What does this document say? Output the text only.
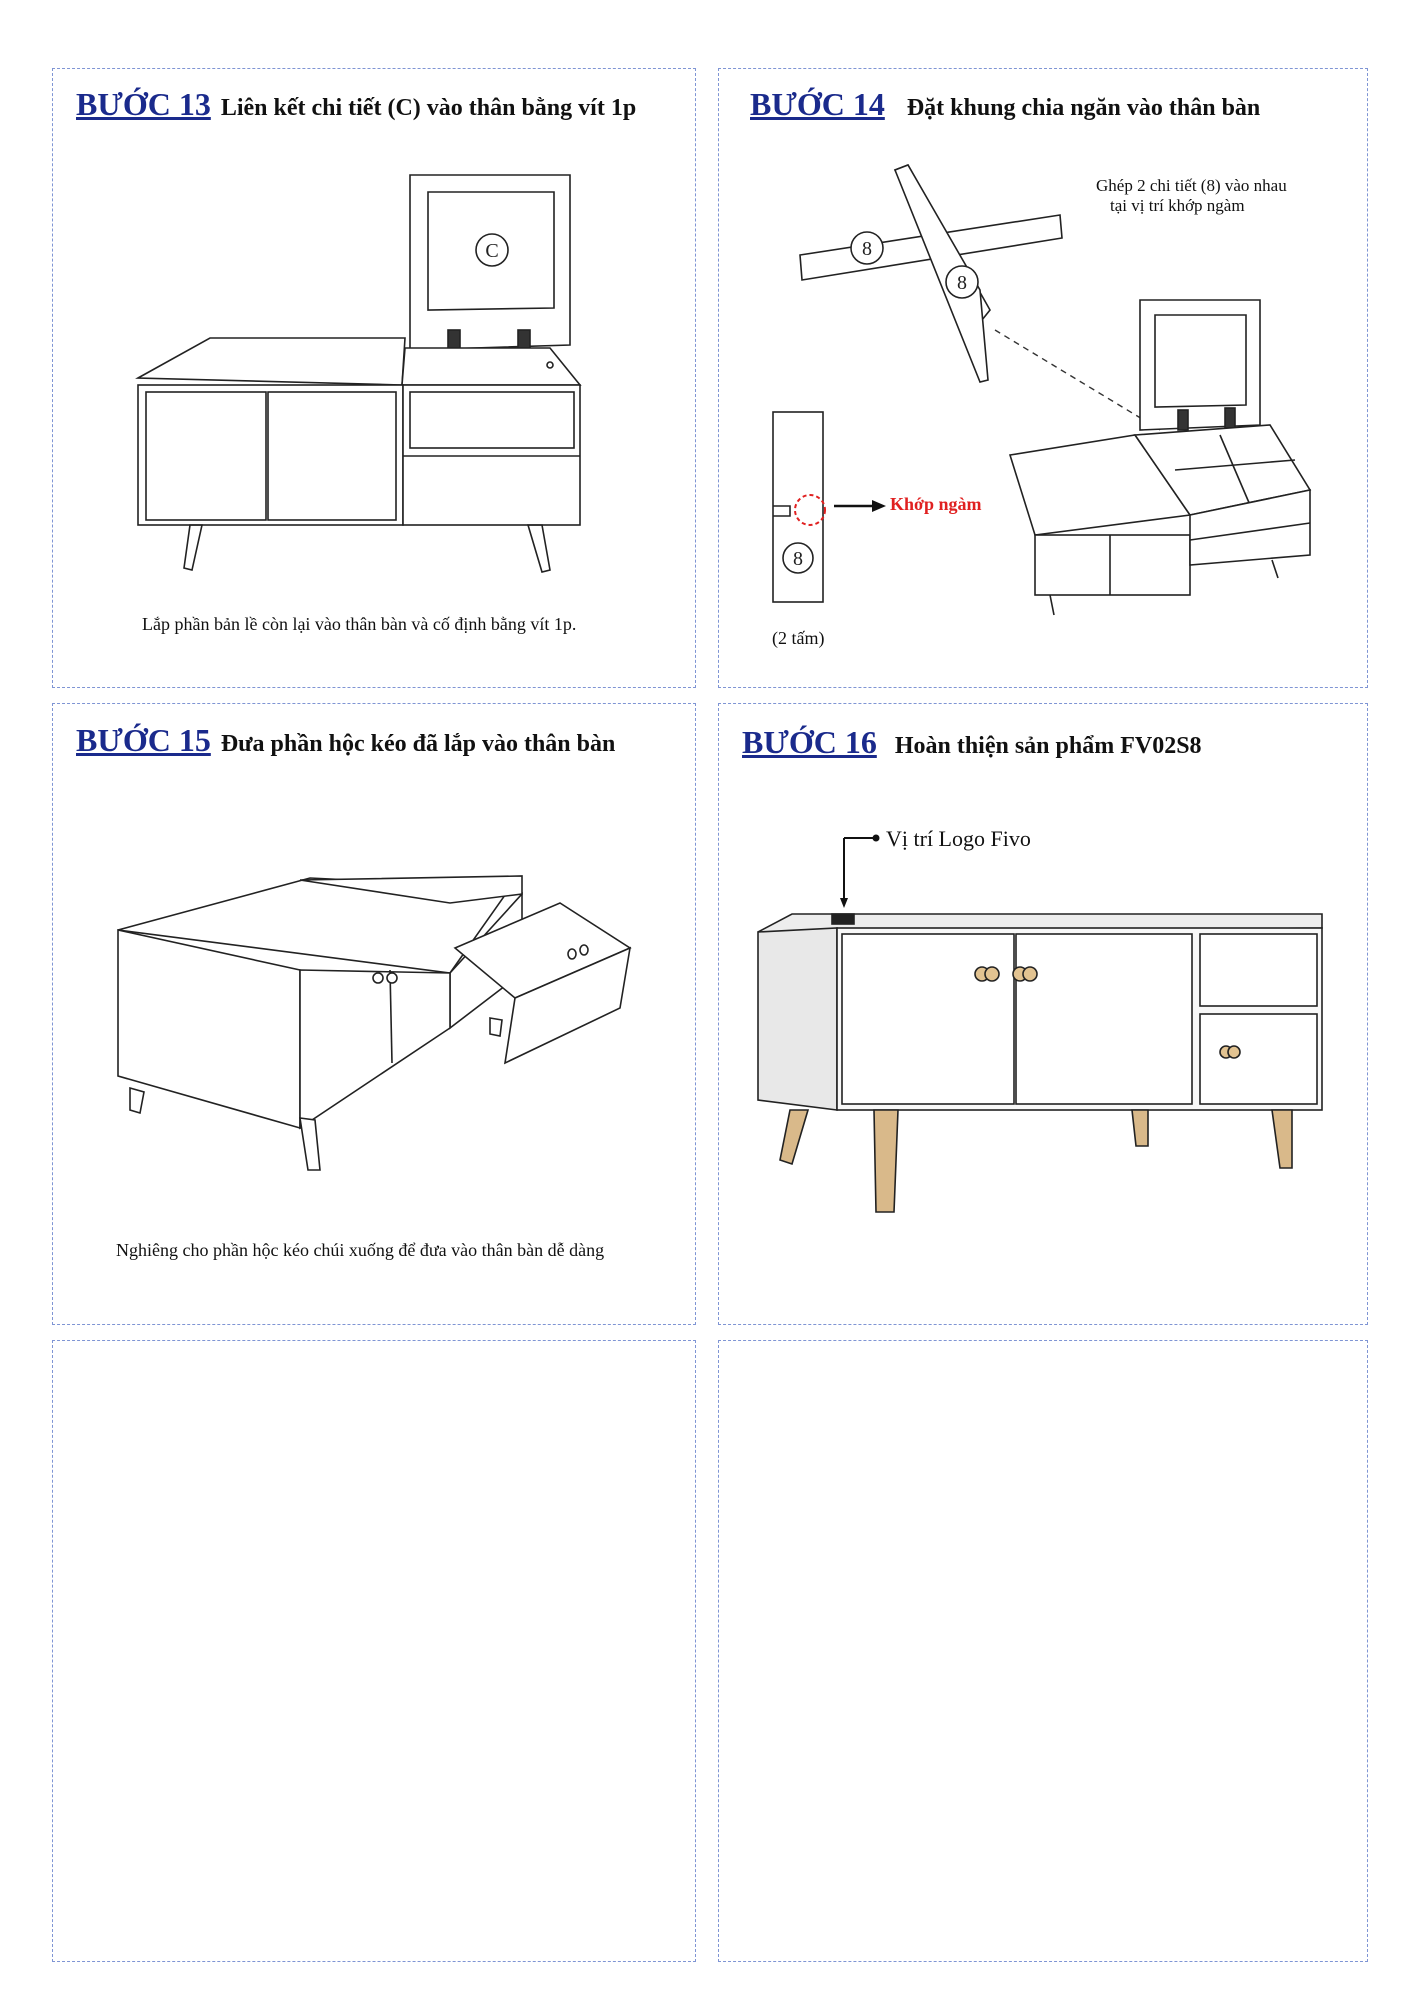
BƯỚC 13 Liên kết chi tiết (C) vào thân bằng vít 1p
C
Lắp phần bản lề còn lại vào thân bàn và cố định bằng vít 1p.
BƯỚC 14 Đặt khung chia ngăn vào thân bàn
Ghép 2 chi tiết (8) vào nhau
tại vị trí khớp ngàm
8
8
8
Khớp ngàm
(2 tấm)
BƯỚC 15 Đưa phần hộc kéo đã lắp vào thân bàn
Nghiêng cho phần hộc kéo chúi xuống để đưa vào thân bàn dễ dàng
BƯỚC 16 Hoàn thiện sản phẩm FV02S8
Vị trí Logo Fivo
